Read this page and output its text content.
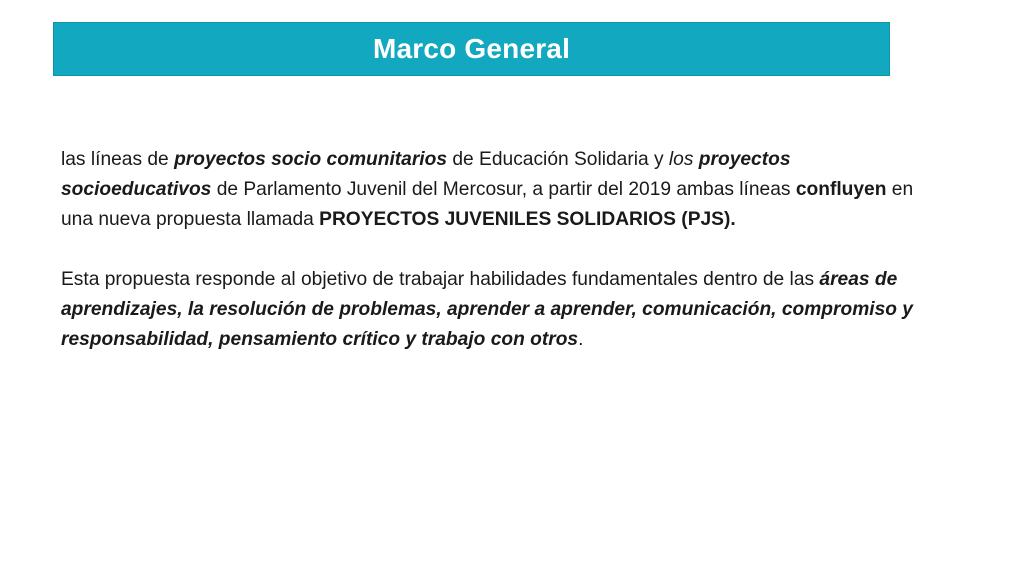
Marco General

las líneas de proyectos socio comunitarios de Educación Solidaria y los proyectos socioeducativos de Parlamento Juvenil del Mercosur, a partir del 2019 ambas líneas confluyen en una nueva propuesta llamada PROYECTOS JUVENILES SOLIDARIOS (PJS).

Esta propuesta responde al objetivo de trabajar habilidades fundamentales dentro de las áreas de aprendizajes, la resolución de problemas, aprender a aprender, comunicación, compromiso y responsabilidad, pensamiento crítico y trabajo con otros.
